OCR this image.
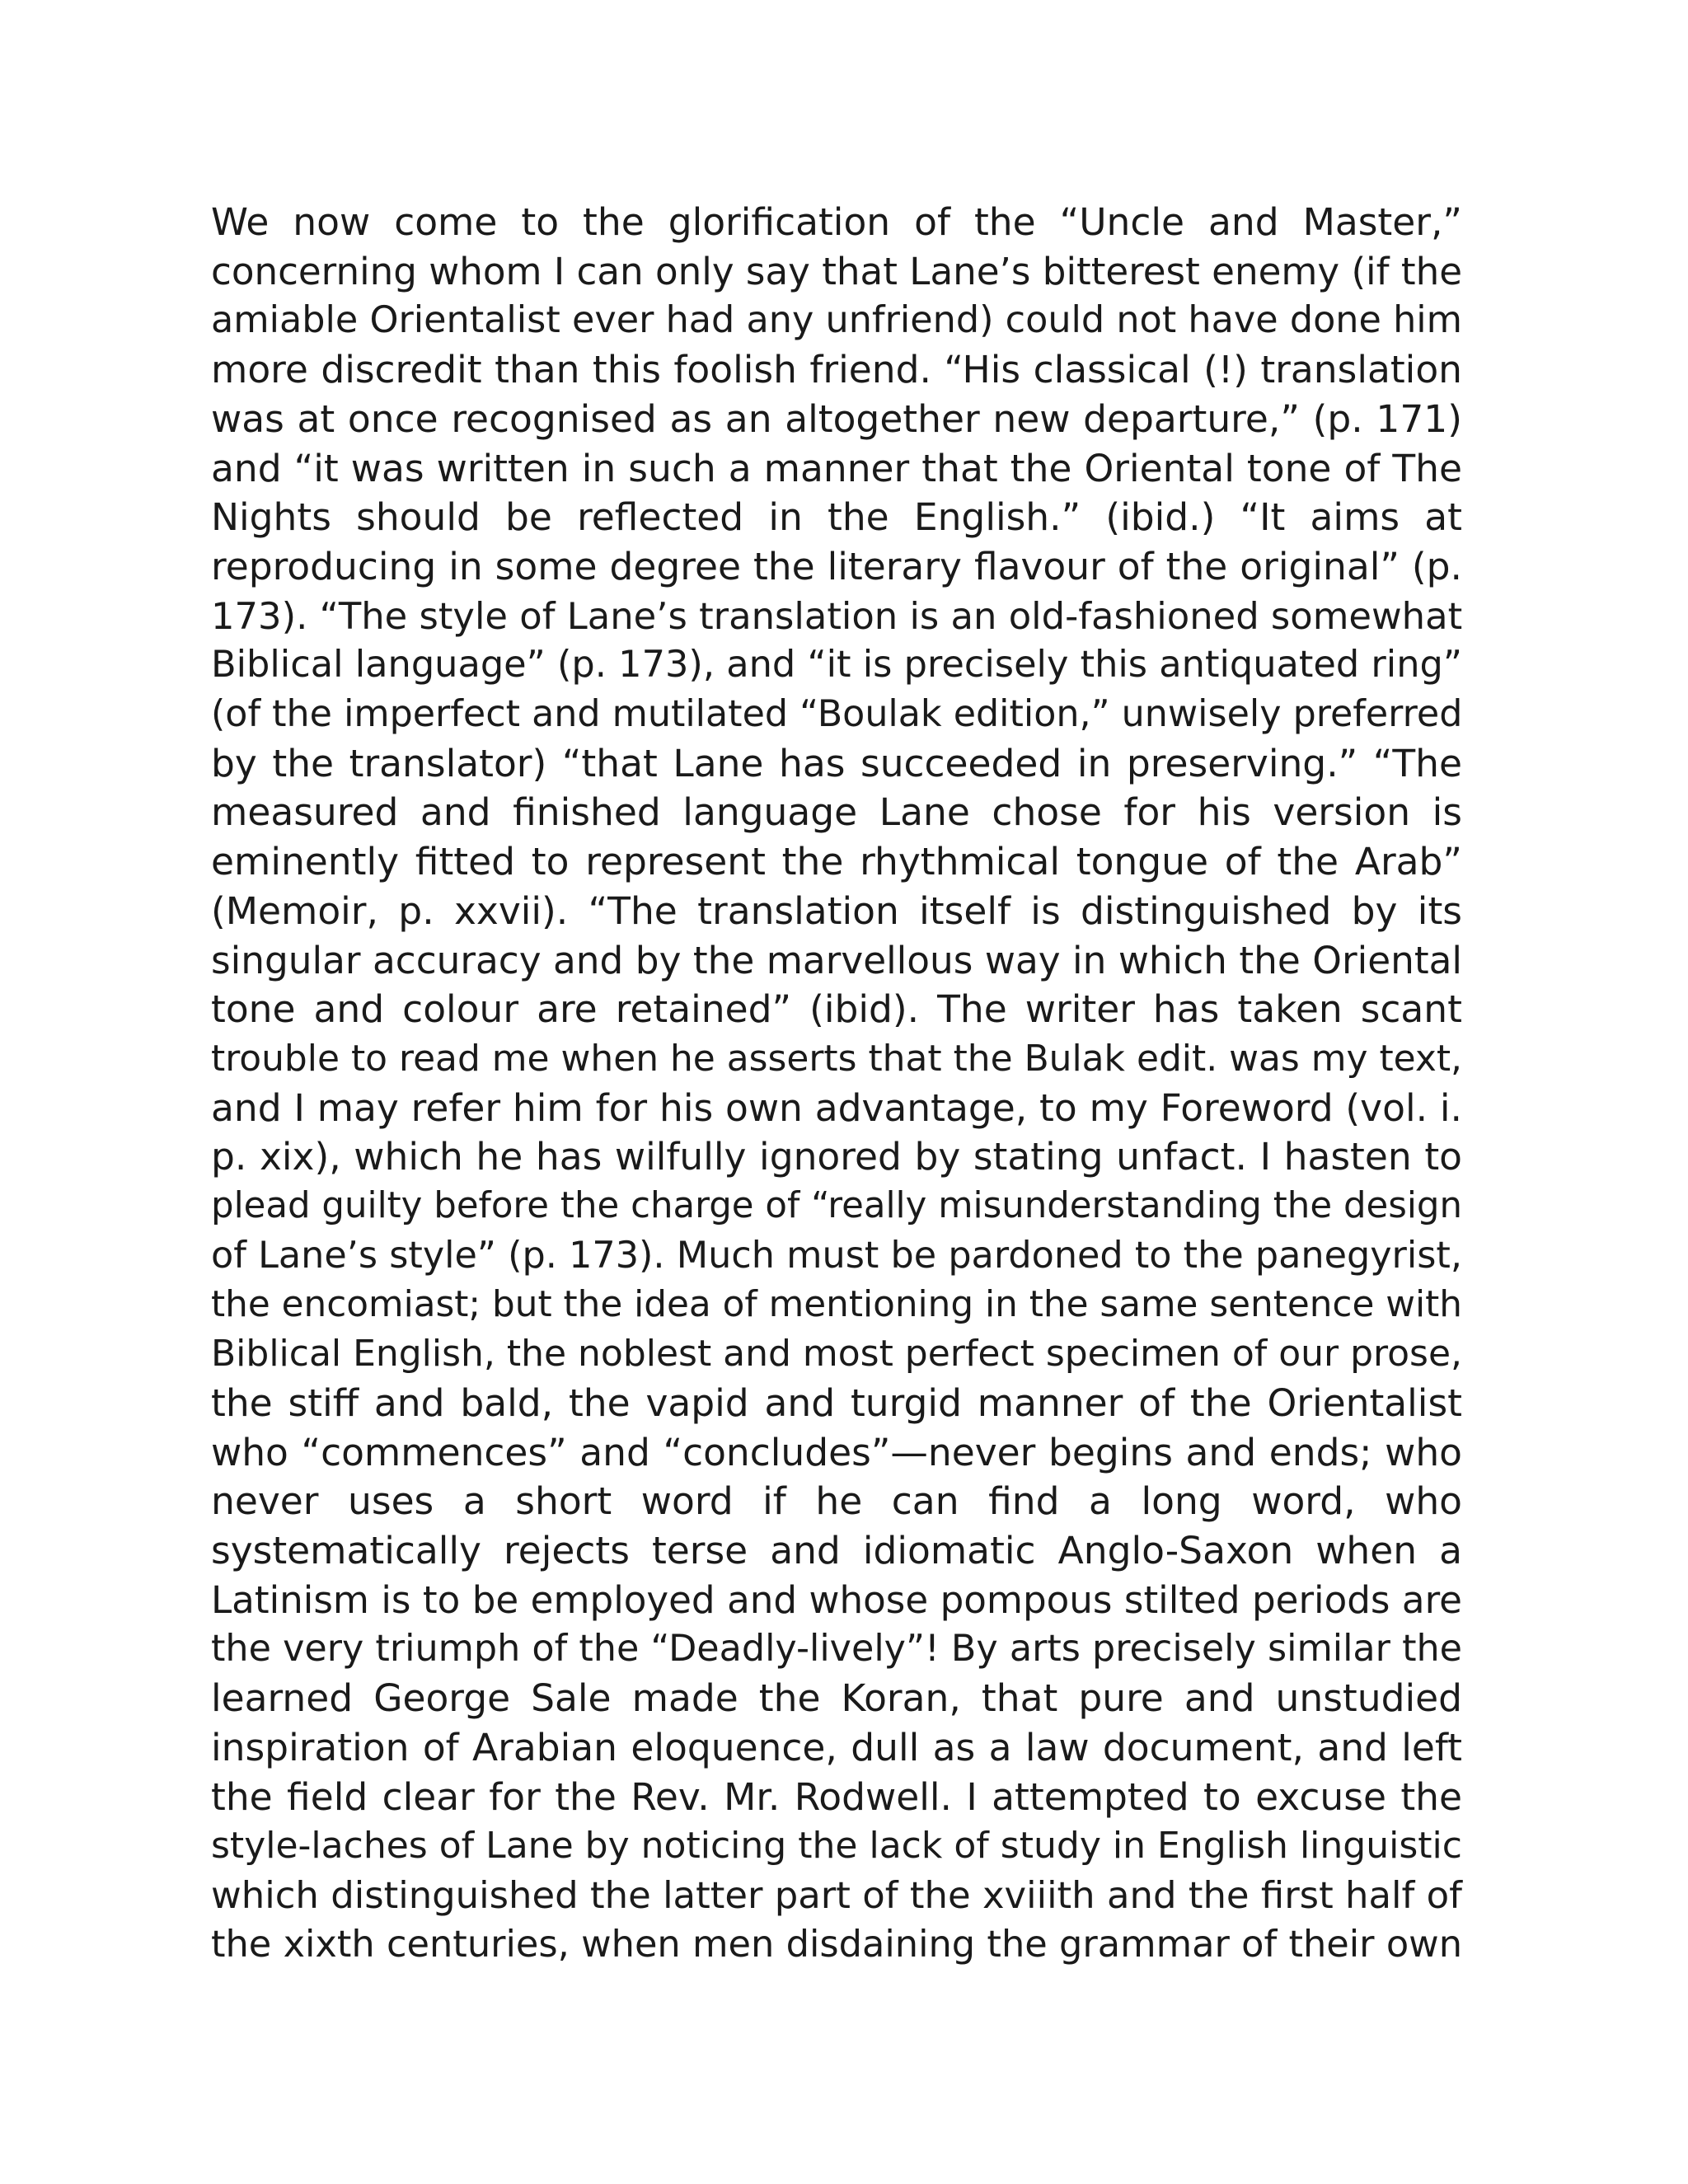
We now come to the glorification of the “Uncle and Master,”
concerning whom I can only say that Lane’s bitterest enemy (if the
amiable Orientalist ever had any unfriend) could not have done him
more discredit than this foolish friend. “His classical (!) translation
was at once recognised as an altogether new departure,” (p. 171)
and “it was written in such a manner that the Oriental tone of The
Nights should be reflected in the English.” (ibid.) “It aims at
reproducing in some degree the literary flavour of the original” (p.
173). “The style of Lane’s translation is an old-fashioned somewhat
Biblical language” (p. 173), and “it is precisely this antiquated ring”
(of the imperfect and mutilated “Boulak edition,” unwisely preferred
by the translator) “that Lane has succeeded in preserving.” “The
measured and finished language Lane chose for his version is
eminently fitted to represent the rhythmical tongue of the Arab”
(Memoir, p. xxvii). “The translation itself is distinguished by its
singular accuracy and by the marvellous way in which the Oriental
tone and colour are retained” (ibid). The writer has taken scant
trouble to read me when he asserts that the Bulak edit. was my text,
and I may refer him for his own advantage, to my Foreword (vol. i.
p. xix), which he has wilfully ignored by stating unfact. I hasten to
plead guilty before the charge of “really misunderstanding the design
of Lane’s style” (p. 173). Much must be pardoned to the panegyrist,
the encomiast; but the idea of mentioning in the same sentence with
Biblical English, the noblest and most perfect specimen of our prose,
the stiff and bald, the vapid and turgid manner of the Orientalist
who “commences” and “concludes”—never begins and ends; who
never uses a short word if he can find a long word, who
systematically rejects terse and idiomatic Anglo-Saxon when a
Latinism is to be employed and whose pompous stilted periods are
the very triumph of the “Deadly-lively”! By arts precisely similar the
learned George Sale made the Koran, that pure and unstudied
inspiration of Arabian eloquence, dull as a law document, and left
the field clear for the Rev. Mr. Rodwell. I attempted to excuse the
style-laches of Lane by noticing the lack of study in English linguistic
which distinguished the latter part of the xviiith and the first half of
the xixth centuries, when men disdaining the grammar of their own
